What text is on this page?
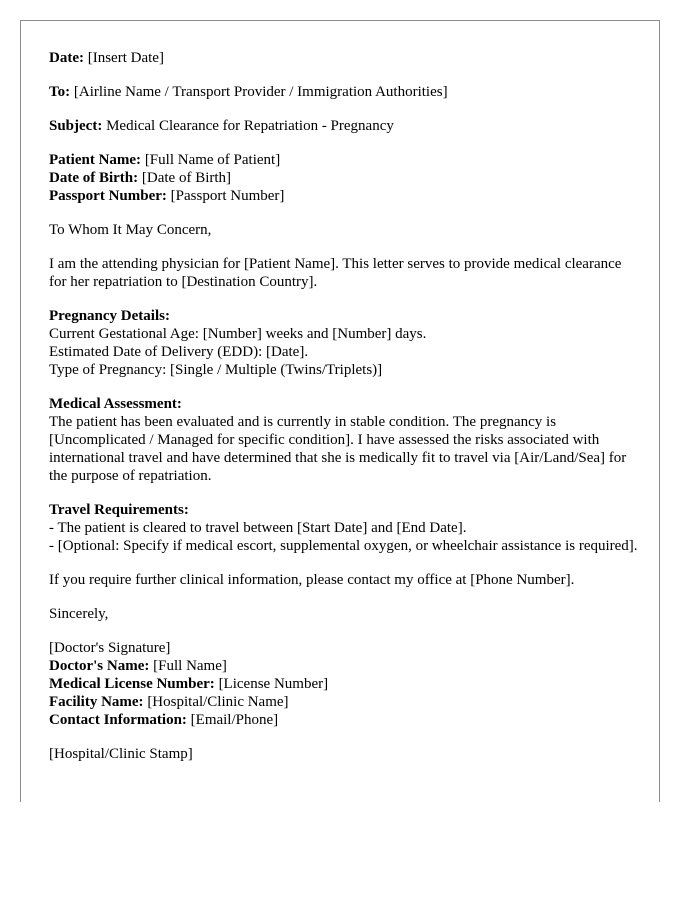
Date: [Insert Date]

To: [Airline Name / Transport Provider / Immigration Authorities]

Subject: Medical Clearance for Repatriation - Pregnancy

Patient Name: [Full Name of Patient]
Date of Birth: [Date of Birth]
Passport Number: [Passport Number]

To Whom It May Concern,

I am the attending physician for [Patient Name]. This letter serves to provide medical clearance for her repatriation to [Destination Country].

Pregnancy Details:
Current Gestational Age: [Number] weeks and [Number] days.
Estimated Date of Delivery (EDD): [Date].
Type of Pregnancy: [Single / Multiple (Twins/Triplets)]

Medical Assessment:
The patient has been evaluated and is currently in stable condition. The pregnancy is [Uncomplicated / Managed for specific condition]. I have assessed the risks associated with international travel and have determined that she is medically fit to travel via [Air/Land/Sea] for the purpose of repatriation.

Travel Requirements:
- The patient is cleared to travel between [Start Date] and [End Date].
- [Optional: Specify if medical escort, supplemental oxygen, or wheelchair assistance is required].

If you require further clinical information, please contact my office at [Phone Number].

Sincerely,

[Doctor's Signature]
Doctor's Name: [Full Name]
Medical License Number: [License Number]
Facility Name: [Hospital/Clinic Name]
Contact Information: [Email/Phone]

[Hospital/Clinic Stamp]
